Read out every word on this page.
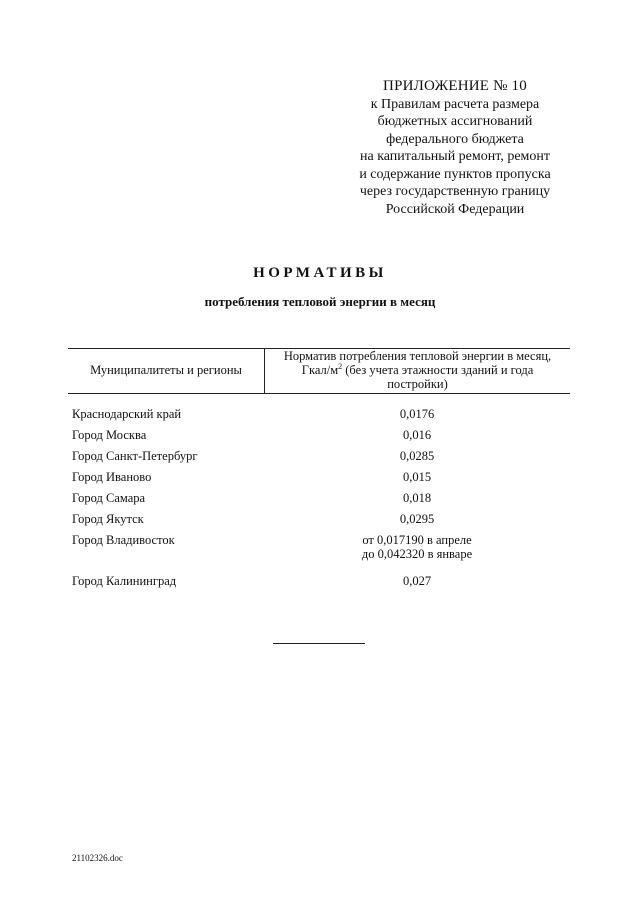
ПРИЛОЖЕНИЕ № 10
к Правилам расчета размера
бюджетных ассигнований
федерального бюджета
на капитальный ремонт, ремонт
и содержание пунктов пропуска
через государственную границу
Российской Федерации
НОРМАТИВЫ
потребления тепловой энергии в месяц
Муниципалитеты и регионы
Норматив потребления тепловой энергии в месяц,
Гкал/$м^2$ (без учета этажности зданий и года
постройки)
Краснодарский край	0,0176
Город Москва	0,016
Город Санкт-Петербург	0,0285
Город Иваново	0,015
Город Самара	0,018
Город Якутск	0,0295
Город Владивосток	от 0,017190 в апреле
до 0,042320 в январе
Город Калининград	0,027
21102326.doc
